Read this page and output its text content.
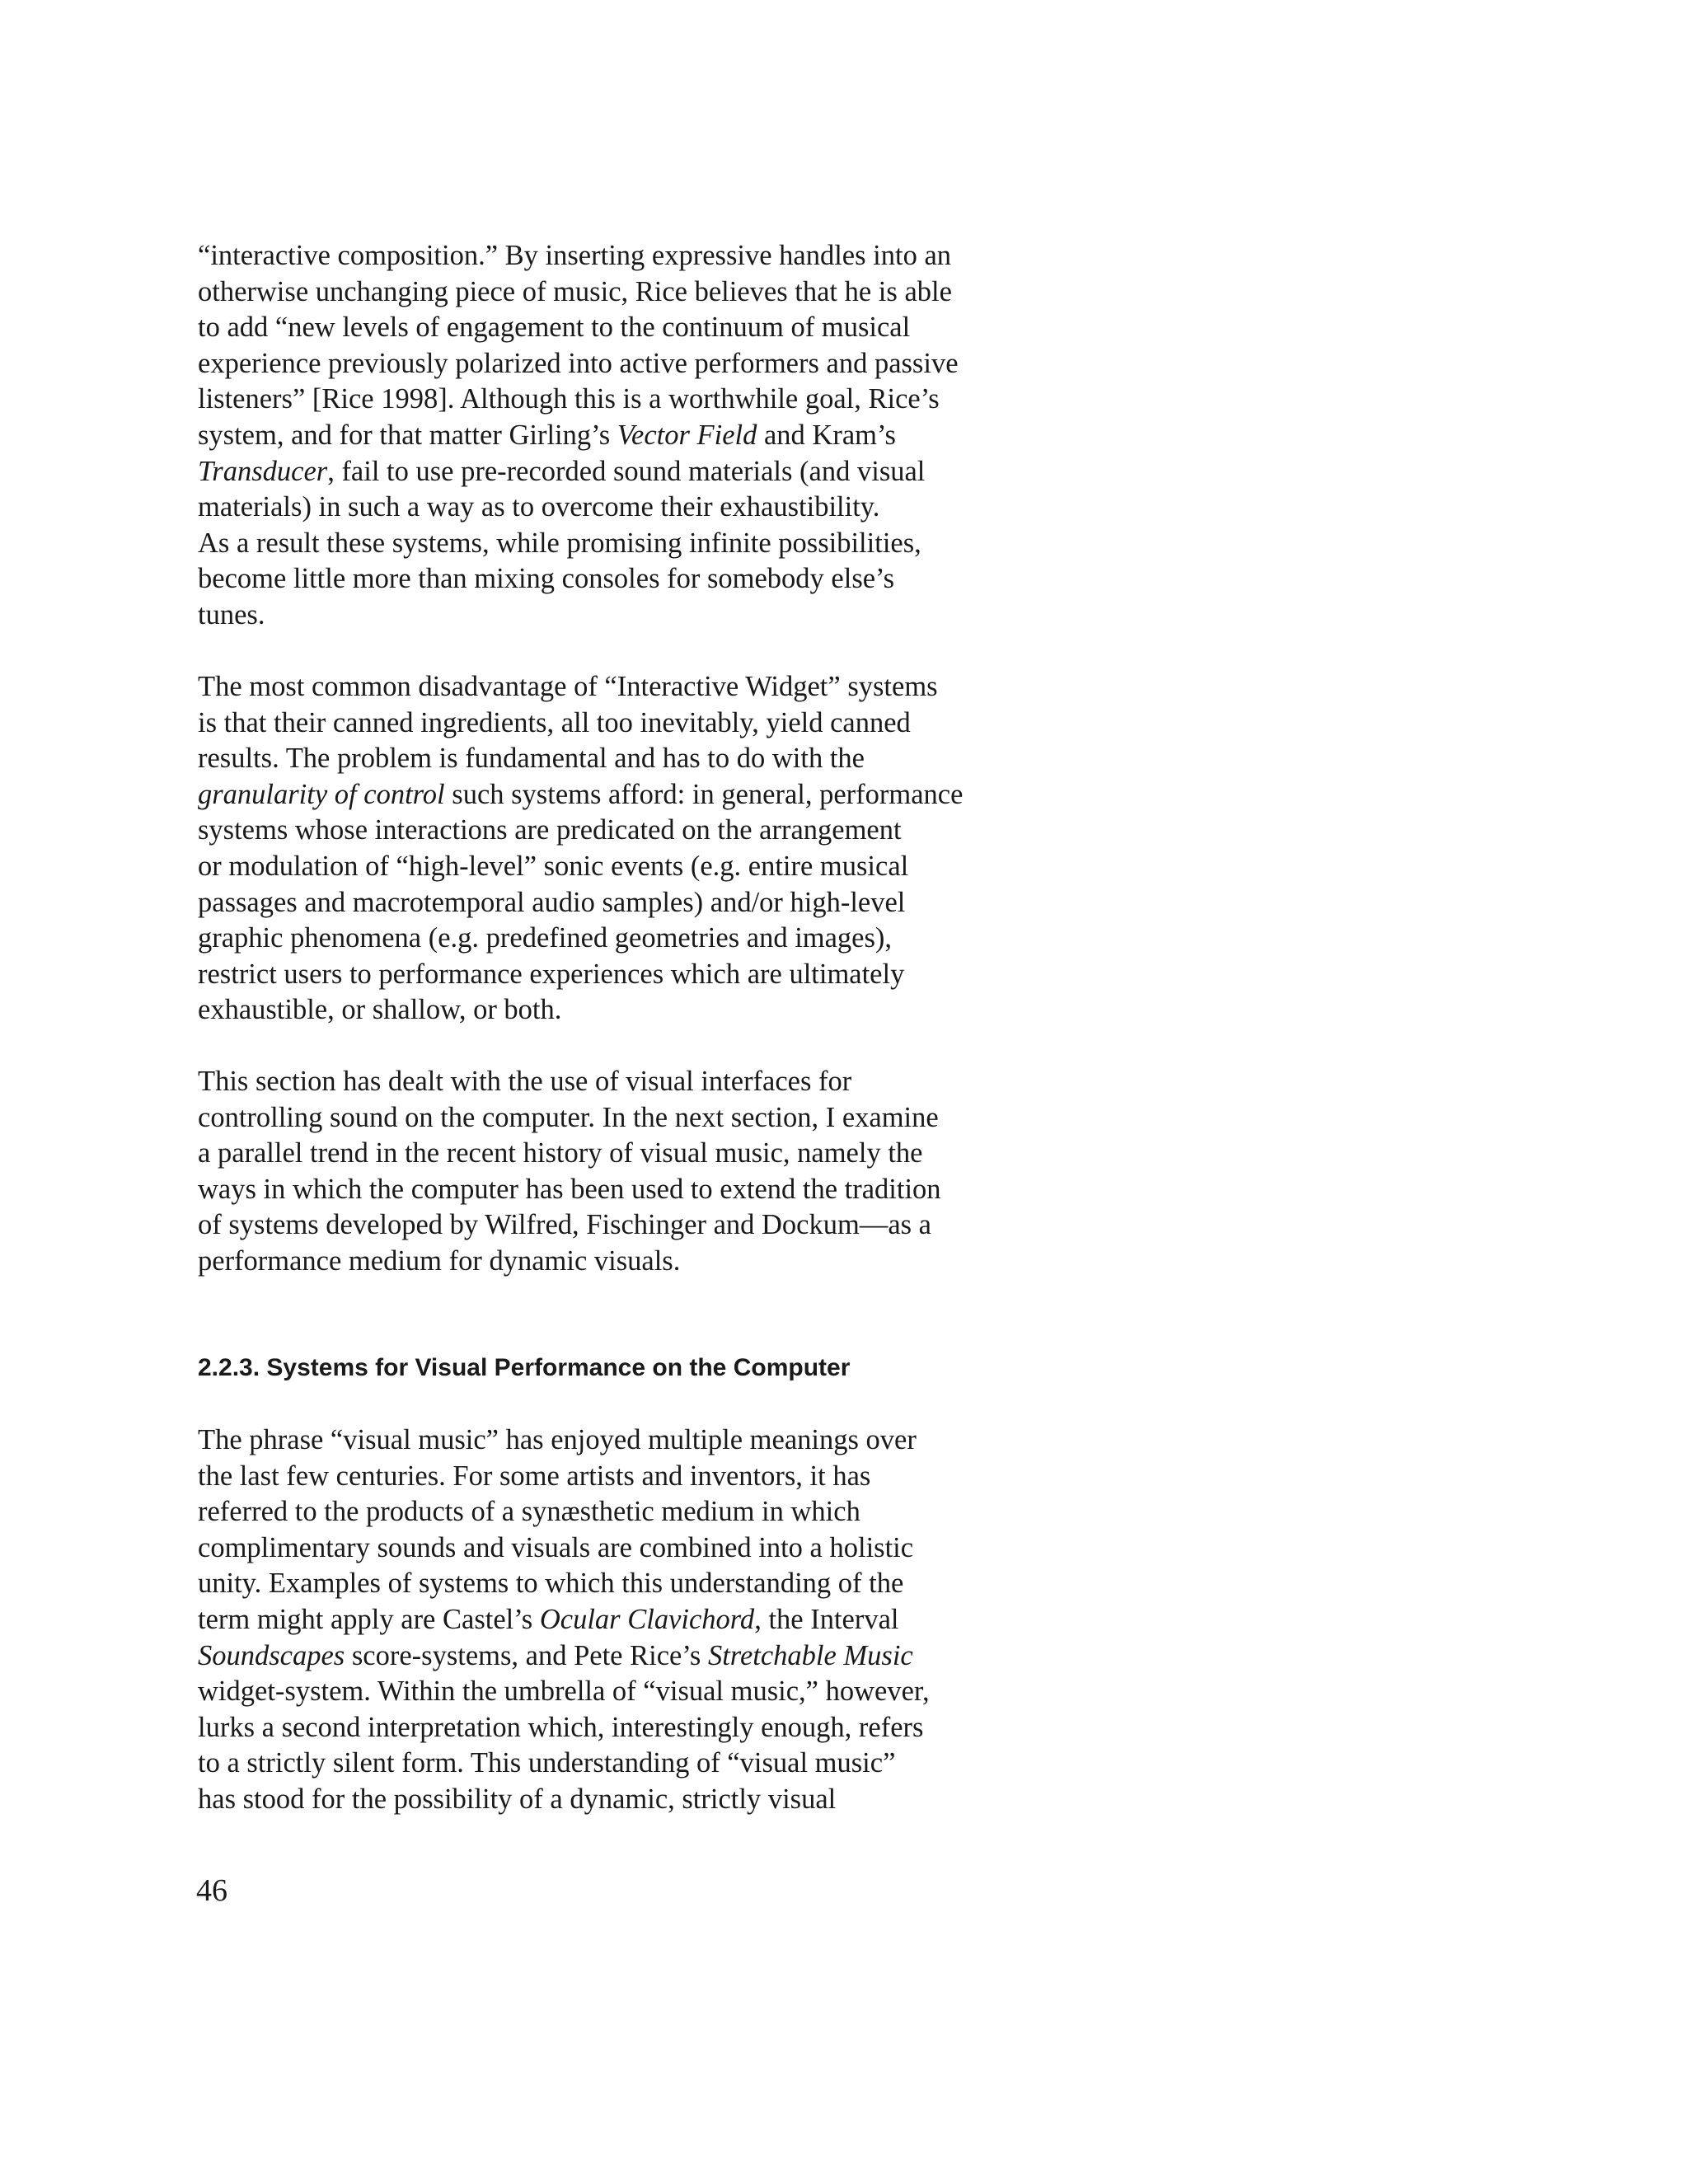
“interactive composition.” By inserting expressive handles into an
otherwise unchanging piece of music, Rice believes that he is able
to add “new levels of engagement to the continuum of musical
experience previously polarized into active performers and passive
listeners” [Rice 1998]. Although this is a worthwhile goal, Rice’s
system, and for that matter Girling’s Vector Field and Kram’s
Transducer, fail to use pre-recorded sound materials (and visual
materials) in such a way as to overcome their exhaustibility.
As a result these systems, while promising infinite possibilities,
become little more than mixing consoles for somebody else’s
tunes.
The most common disadvantage of “Interactive Widget” systems
is that their canned ingredients, all too inevitably, yield canned
results. The problem is fundamental and has to do with the
granularity of control such systems afford: in general, performance
systems whose interactions are predicated on the arrangement
or modulation of “high-level” sonic events (e.g. entire musical
passages and macrotemporal audio samples) and/or high-level
graphic phenomena (e.g. predefined geometries and images),
restrict users to performance experiences which are ultimately
exhaustible, or shallow, or both.
This section has dealt with the use of visual interfaces for
controlling sound on the computer. In the next section, I examine
a parallel trend in the recent history of visual music, namely the
ways in which the computer has been used to extend the tradition
of systems developed by Wilfred, Fischinger and Dockum—as a
performance medium for dynamic visuals.
2.2.3. Systems for Visual Performance on the Computer
The phrase “visual music” has enjoyed multiple meanings over
the last few centuries. For some artists and inventors, it has
referred to the products of a synæsthetic medium in which
complimentary sounds and visuals are combined into a holistic
unity. Examples of systems to which this understanding of the
term might apply are Castel’s Ocular Clavichord, the Interval
Soundscapes score-systems, and Pete Rice’s Stretchable Music
widget-system. Within the umbrella of “visual music,” however,
lurks a second interpretation which, interestingly enough, refers
to a strictly silent form. This understanding of “visual music”
has stood for the possibility of a dynamic, strictly visual
46
